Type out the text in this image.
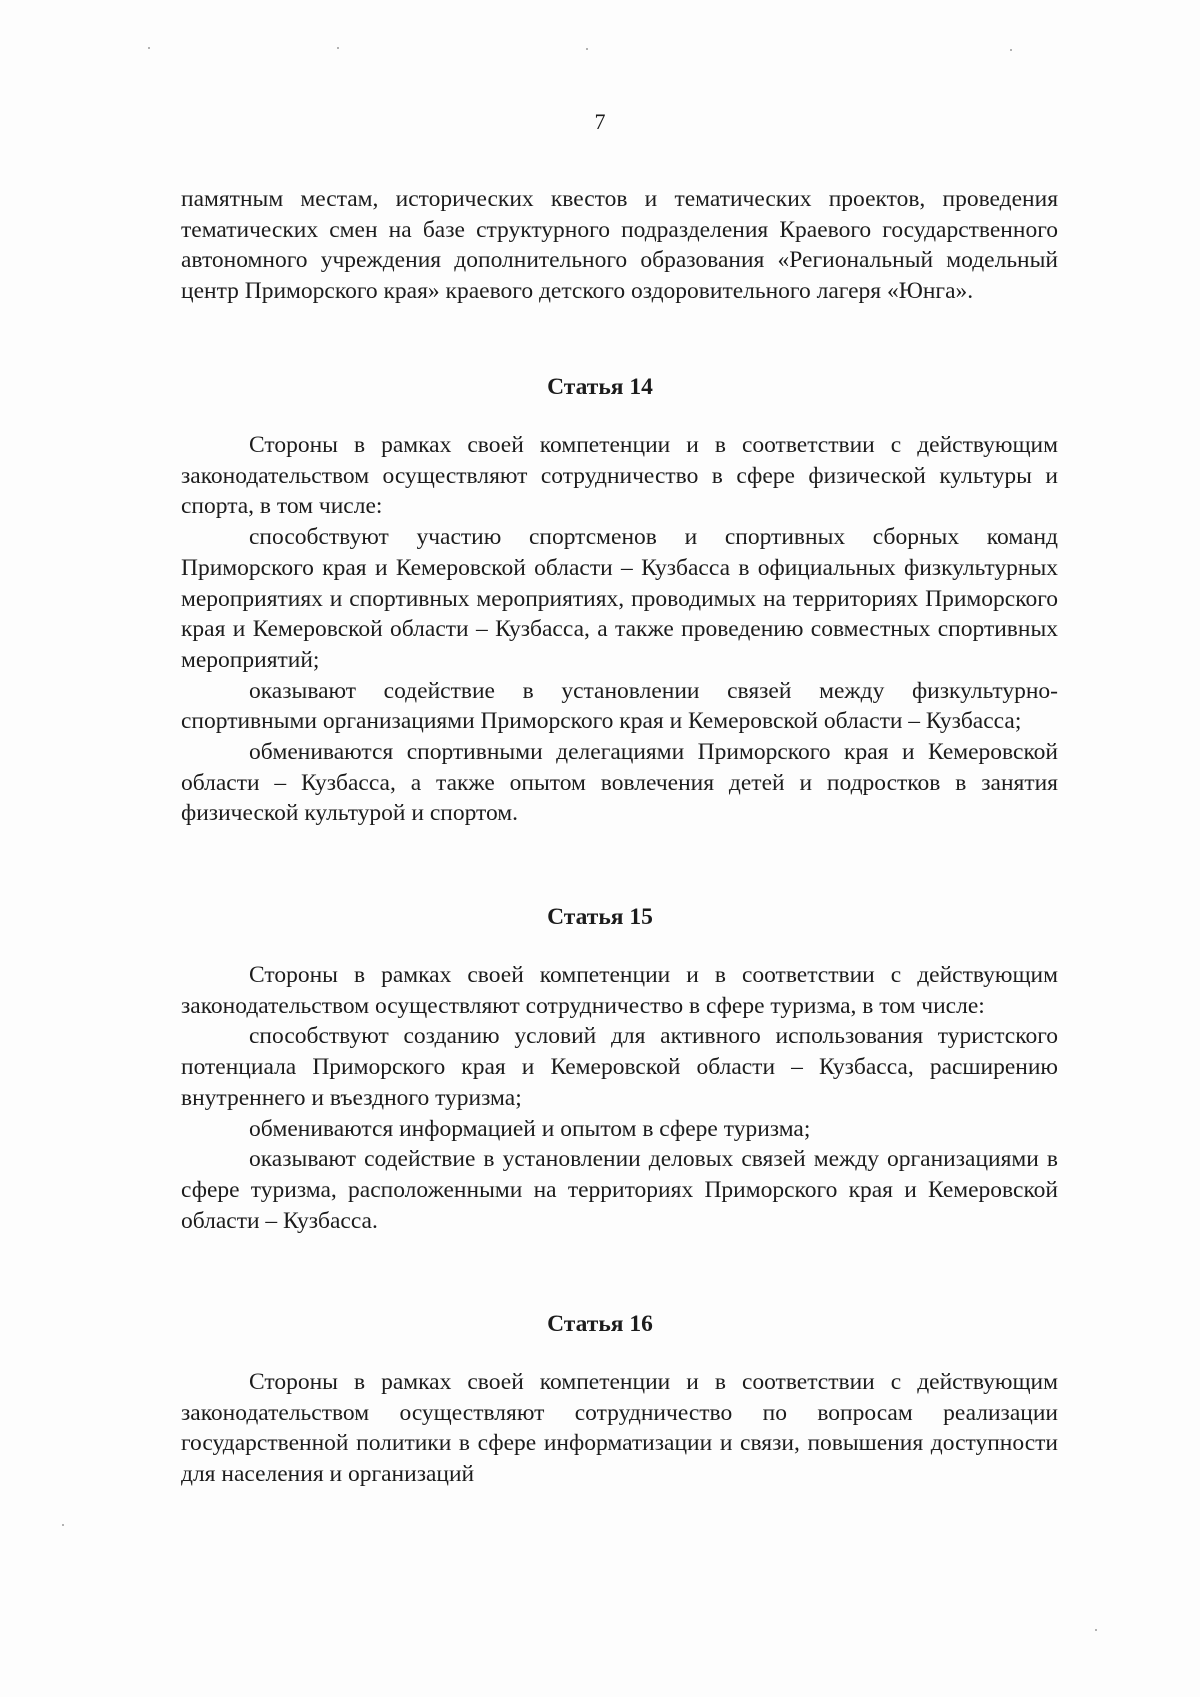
7

памятным местам, исторических квестов и тематических проектов, проведения тематических смен на базе структурного подразделения Краевого государственного автономного учреждения дополнительного образования «Региональный модельный центр Приморского края» краевого детского оздоровительного лагеря «Юнга».

Статья 14

Стороны в рамках своей компетенции и в соответствии с действующим законодательством осуществляют сотрудничество в сфере физической культуры и спорта, в том числе:

способствуют участию спортсменов и спортивных сборных команд Приморского края и Кемеровской области – Кузбасса в официальных физкультурных мероприятиях и спортивных мероприятиях, проводимых на территориях Приморского края и Кемеровской области – Кузбасса, а также проведению совместных спортивных мероприятий;

оказывают содействие в установлении связей между физкультурно-спортивными организациями Приморского края и Кемеровской области – Кузбасса;

обмениваются спортивными делегациями Приморского края и Кемеровской области – Кузбасса, а также опытом вовлечения детей и подростков в занятия физической культурой и спортом.

Статья 15

Стороны в рамках своей компетенции и в соответствии с действующим законодательством осуществляют сотрудничество в сфере туризма, в том числе:

способствуют созданию условий для активного использования туристского потенциала Приморского края и Кемеровской области – Кузбасса, расширению внутреннего и въездного туризма;

обмениваются информацией и опытом в сфере туризма;

оказывают содействие в установлении деловых связей между организациями в сфере туризма, расположенными на территориях Приморского края и Кемеровской области – Кузбасса.

Статья 16

Стороны в рамках своей компетенции и в соответствии с действующим законодательством осуществляют сотрудничество по вопросам реализации государственной политики в сфере информатизации и связи, повышения доступности для населения и организаций
